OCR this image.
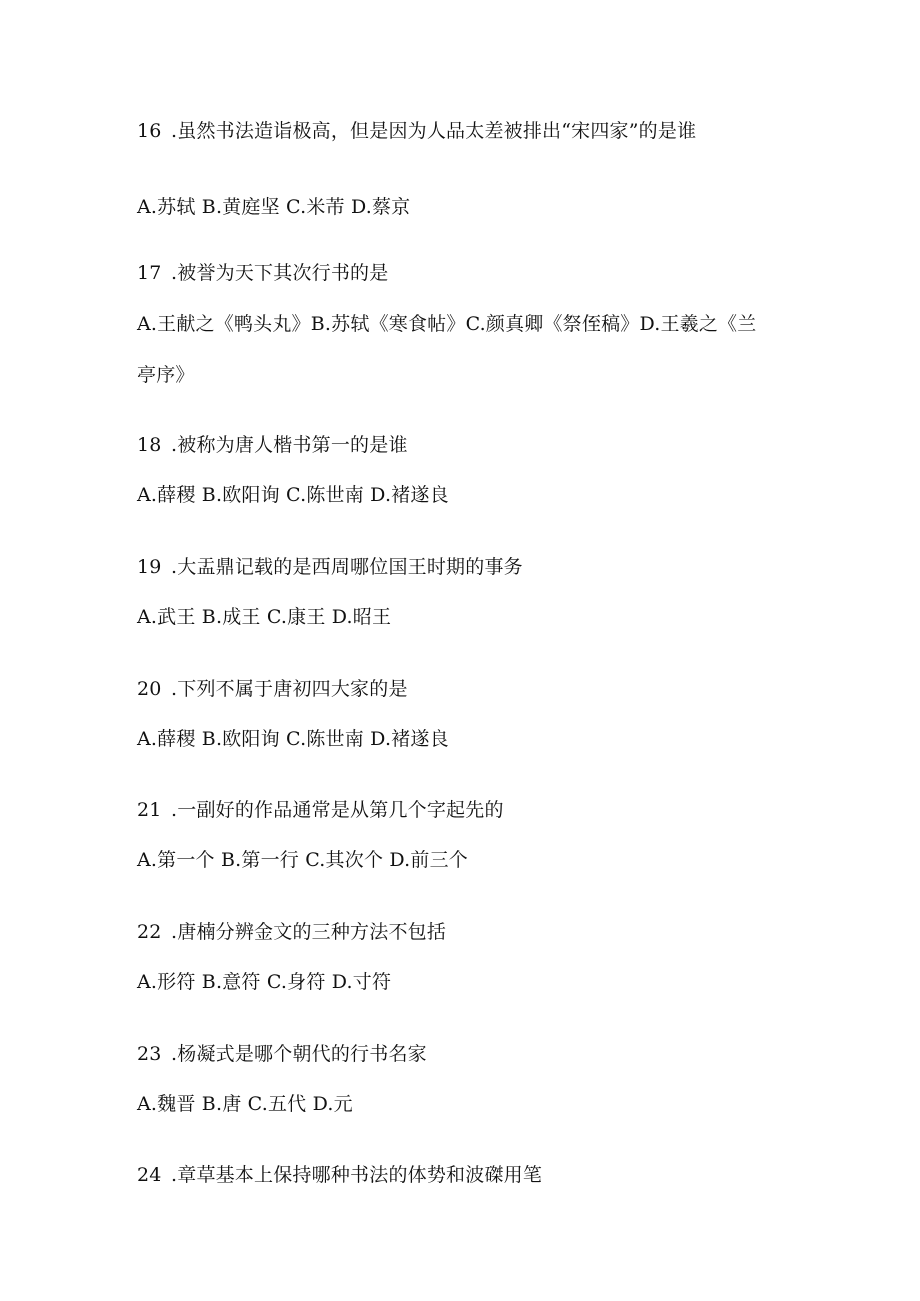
16 .虽然书法造诣极高，但是因为人品太差被排出“宋四家”的是谁
A.苏轼 B.黄庭坚 C.米芾 D.蔡京
17 .被誉为天下其次行书的是
A.王献之《鸭头丸》B.苏轼《寒食帖》C.颜真卿《祭侄稿》D.王羲之《兰
亭序》
18 .被称为唐人楷书第一的是谁
A.薛稷 B.欧阳询 C.陈世南 D.褚遂良
19 .大盂鼎记载的是西周哪位国王时期的事务
A.武王 B.成王 C.康王 D.昭王
20 .下列不属于唐初四大家的是
A.薛稷 B.欧阳询 C.陈世南 D.褚遂良
21 .一副好的作品通常是从第几个字起先的
A.第一个 B.第一行 C.其次个 D.前三个
22 .唐楠分辨金文的三种方法不包括
A.形符 B.意符 C.身符 D.寸符
23 .杨凝式是哪个朝代的行书名家
A.魏晋 B.唐 C.五代 D.元
24 .章草基本上保持哪种书法的体势和波磔用笔
